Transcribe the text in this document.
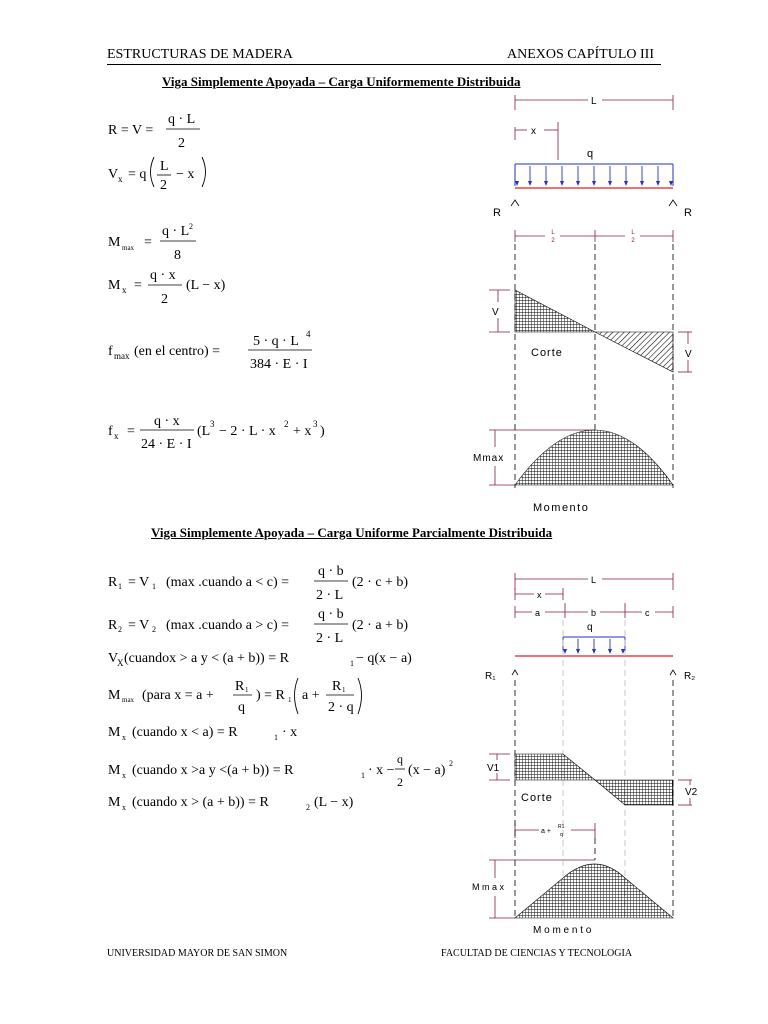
ESTRUCTURAS DE MADERA	ANEXOS CAPÍTULO III
Viga Simplemente Apoyada – Carga Uniformemente Distribuida
R = V =
q · L
2
V x = q
L
2
− x
M max =
q · L 2
8
M x =
q · x
2
(L − x)
f max (en el centro) =
5 · q · L 4
384 · E · I
f x =
q · x
24 · E · I
(L 3 − 2 · L · x 2 + x 3 )
L
x
q
R	R
V
V
Corte
Mmax
Momento
L
2
L
2
Viga Simplemente Apoyada – Carga Uniforme Parcialmente Distribuida
R 1 = V 1 (max .cuando a < c) =
q · b
2 · L
(2 · c + b)
R 2 = V 2 (max .cuando a > c) =
q · b
2 · L
(2 · a + b)
V
X (cuandox > a y < (a + b)) = R	1 − q(x − a)
M max (para x = a +
R 1
q
) = R 1 a +
R 1
2 · q
M x (cuando x < a) = R	1 · x
M x (cuando x >a y <(a + b)) = R	1 · x −
q
2
(x − a) 2
M x (cuando x > (a + b)) = R	2 (L − x)
L
x
a	b	c
q
R₁	R₂
V1
V2
Corte
a +
R1
q
M m a x
M o m e n t o
UNIVERSIDAD MAYOR DE SAN SIMON	FACULTAD DE CIENCIAS Y TECNOLOGIA
